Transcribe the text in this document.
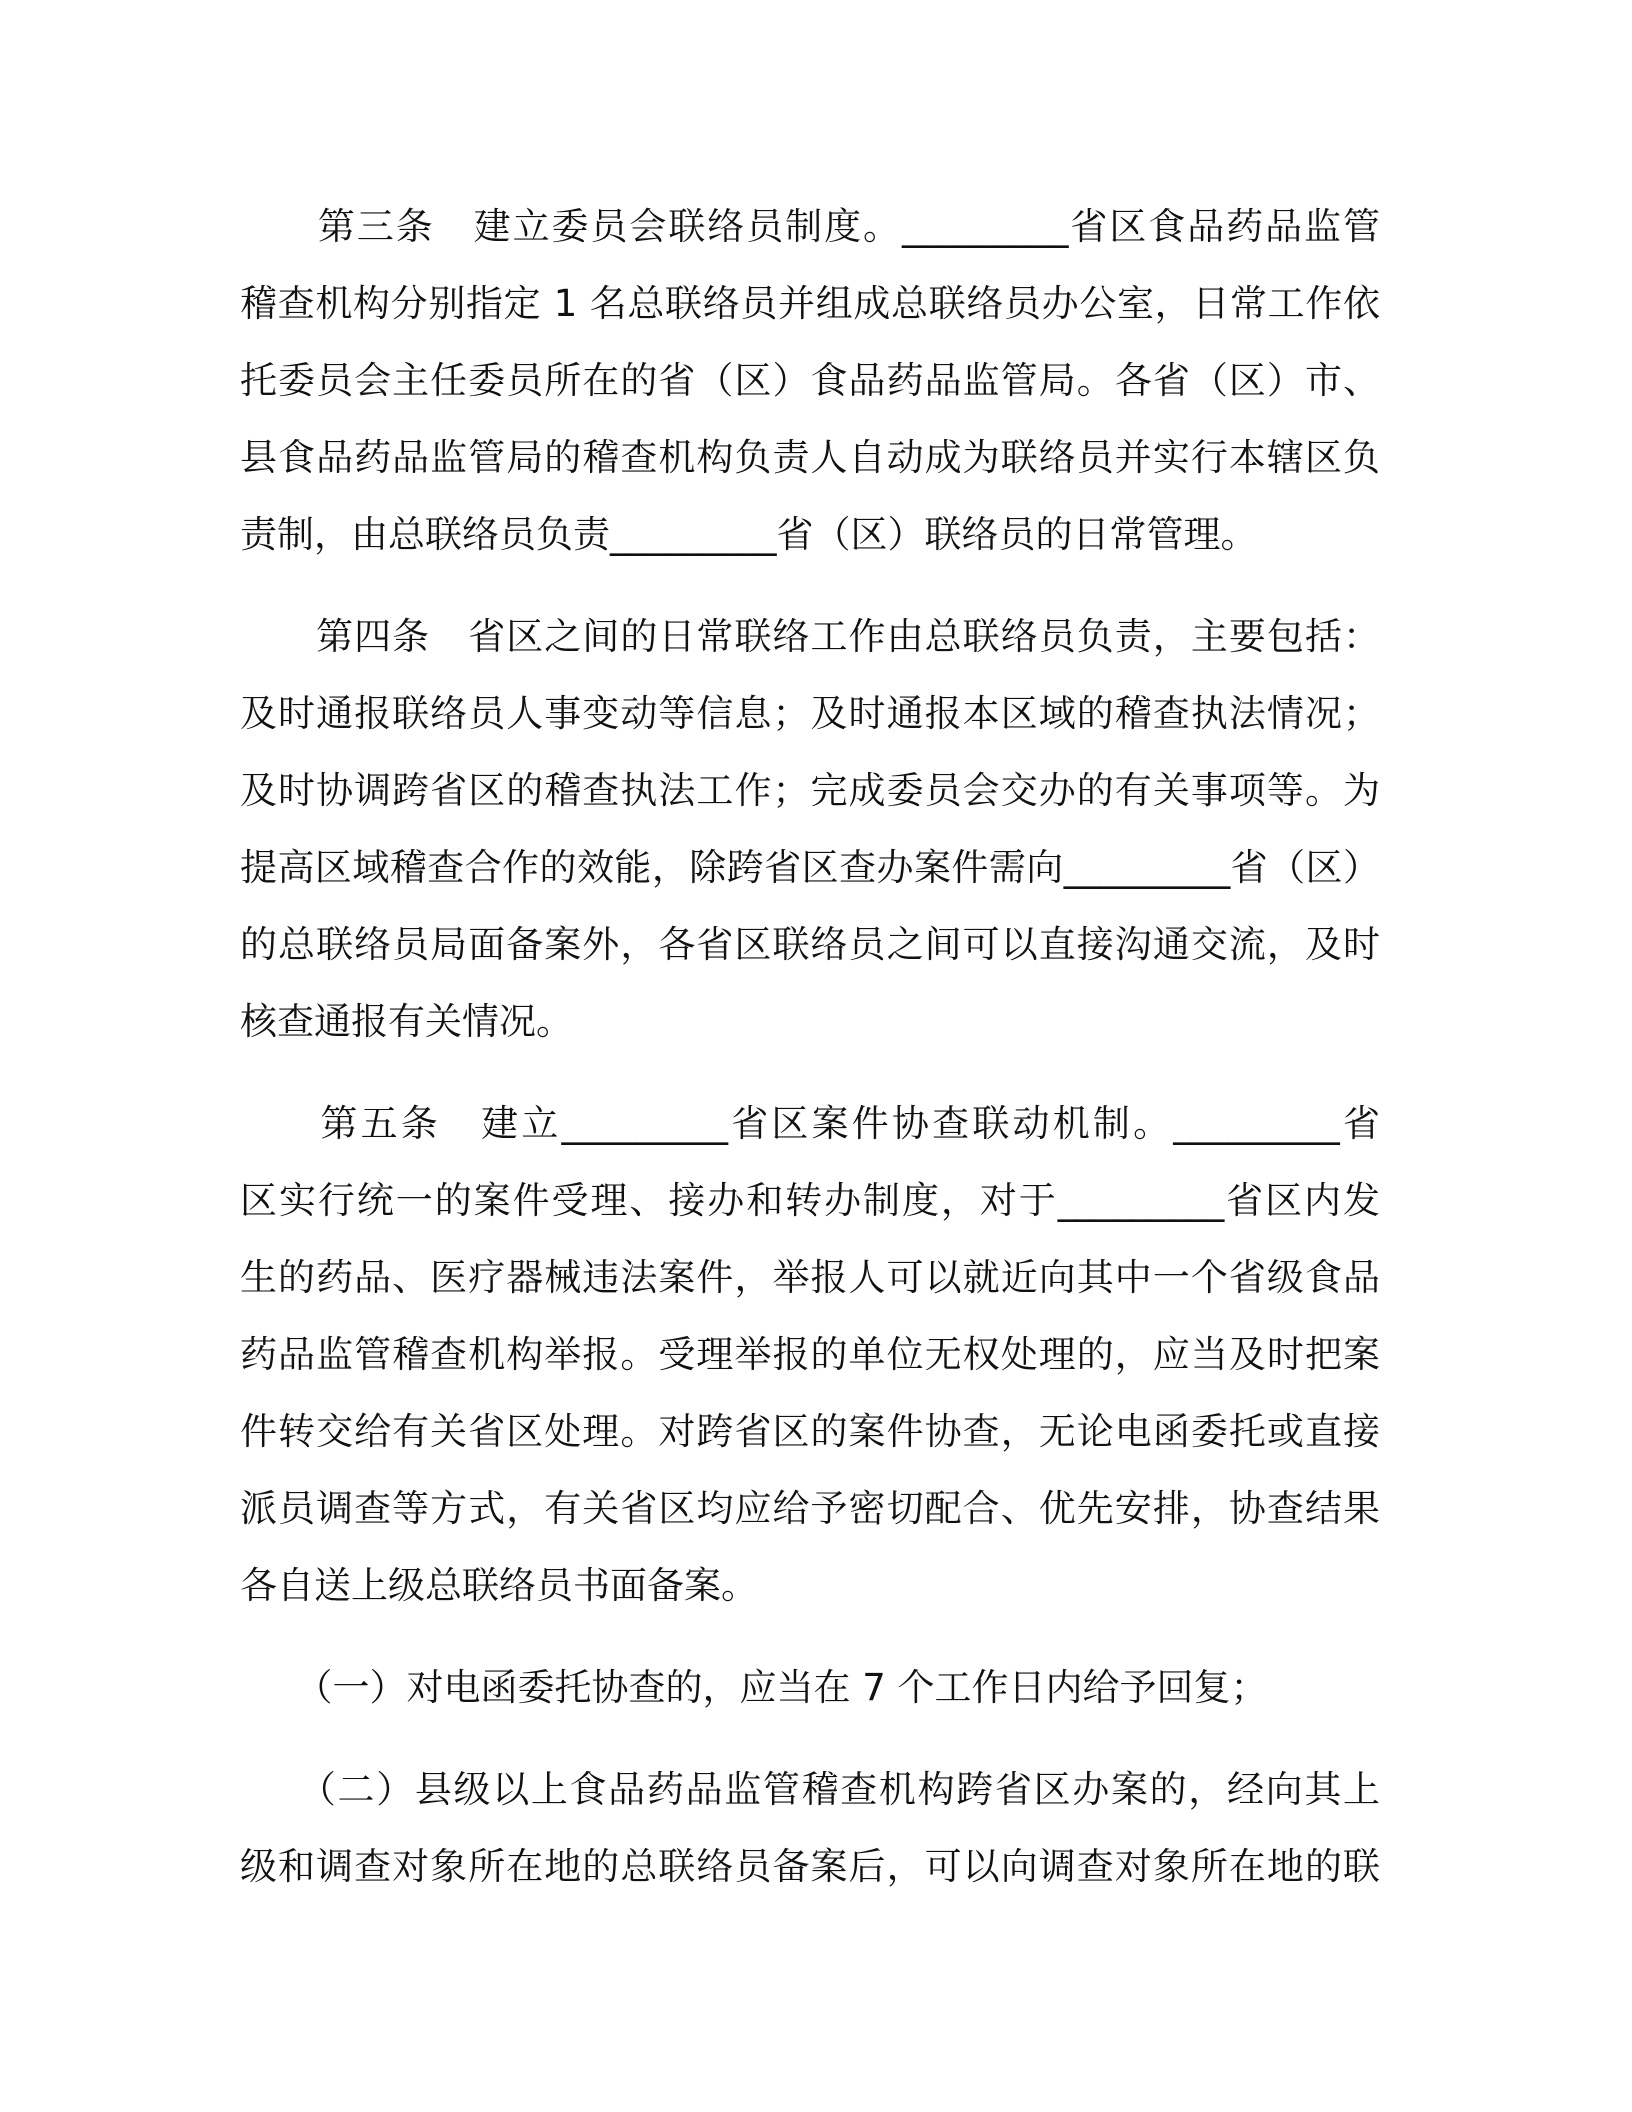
　　第三条　建立委员会联络员制度。_________省区食品药品监管
稽查机构分别指定 1 名总联络员并组成总联络员办公室，日常工作依
托委员会主任委员所在的省（区）食品药品监管局。各省（区）市、
县食品药品监管局的稽查机构负责人自动成为联络员并实行本辖区负
责制，由总联络员负责_________省（区）联络员的日常管理。
　　第四条　省区之间的日常联络工作由总联络员负责，主要包括：
及时通报联络员人事变动等信息；及时通报本区域的稽查执法情况；
及时协调跨省区的稽查执法工作；完成委员会交办的有关事项等。为
提高区域稽查合作的效能，除跨省区查办案件需向_________省（区）
的总联络员局面备案外，各省区联络员之间可以直接沟通交流，及时
核查通报有关情况。
　　第五条　建立_________省区案件协查联动机制。_________省
区实行统一的案件受理、接办和转办制度，对于_________省区内发
生的药品、医疗器械违法案件，举报人可以就近向其中一个省级食品
药品监管稽查机构举报。受理举报的单位无权处理的，应当及时把案
件转交给有关省区处理。对跨省区的案件协查，无论电函委托或直接
派员调查等方式，有关省区均应给予密切配合、优先安排，协查结果
各自送上级总联络员书面备案。
　　（一）对电函委托协查的，应当在 7 个工作日内给予回复；
　　（二）县级以上食品药品监管稽查机构跨省区办案的，经向其上
级和调查对象所在地的总联络员备案后，可以向调查对象所在地的联
